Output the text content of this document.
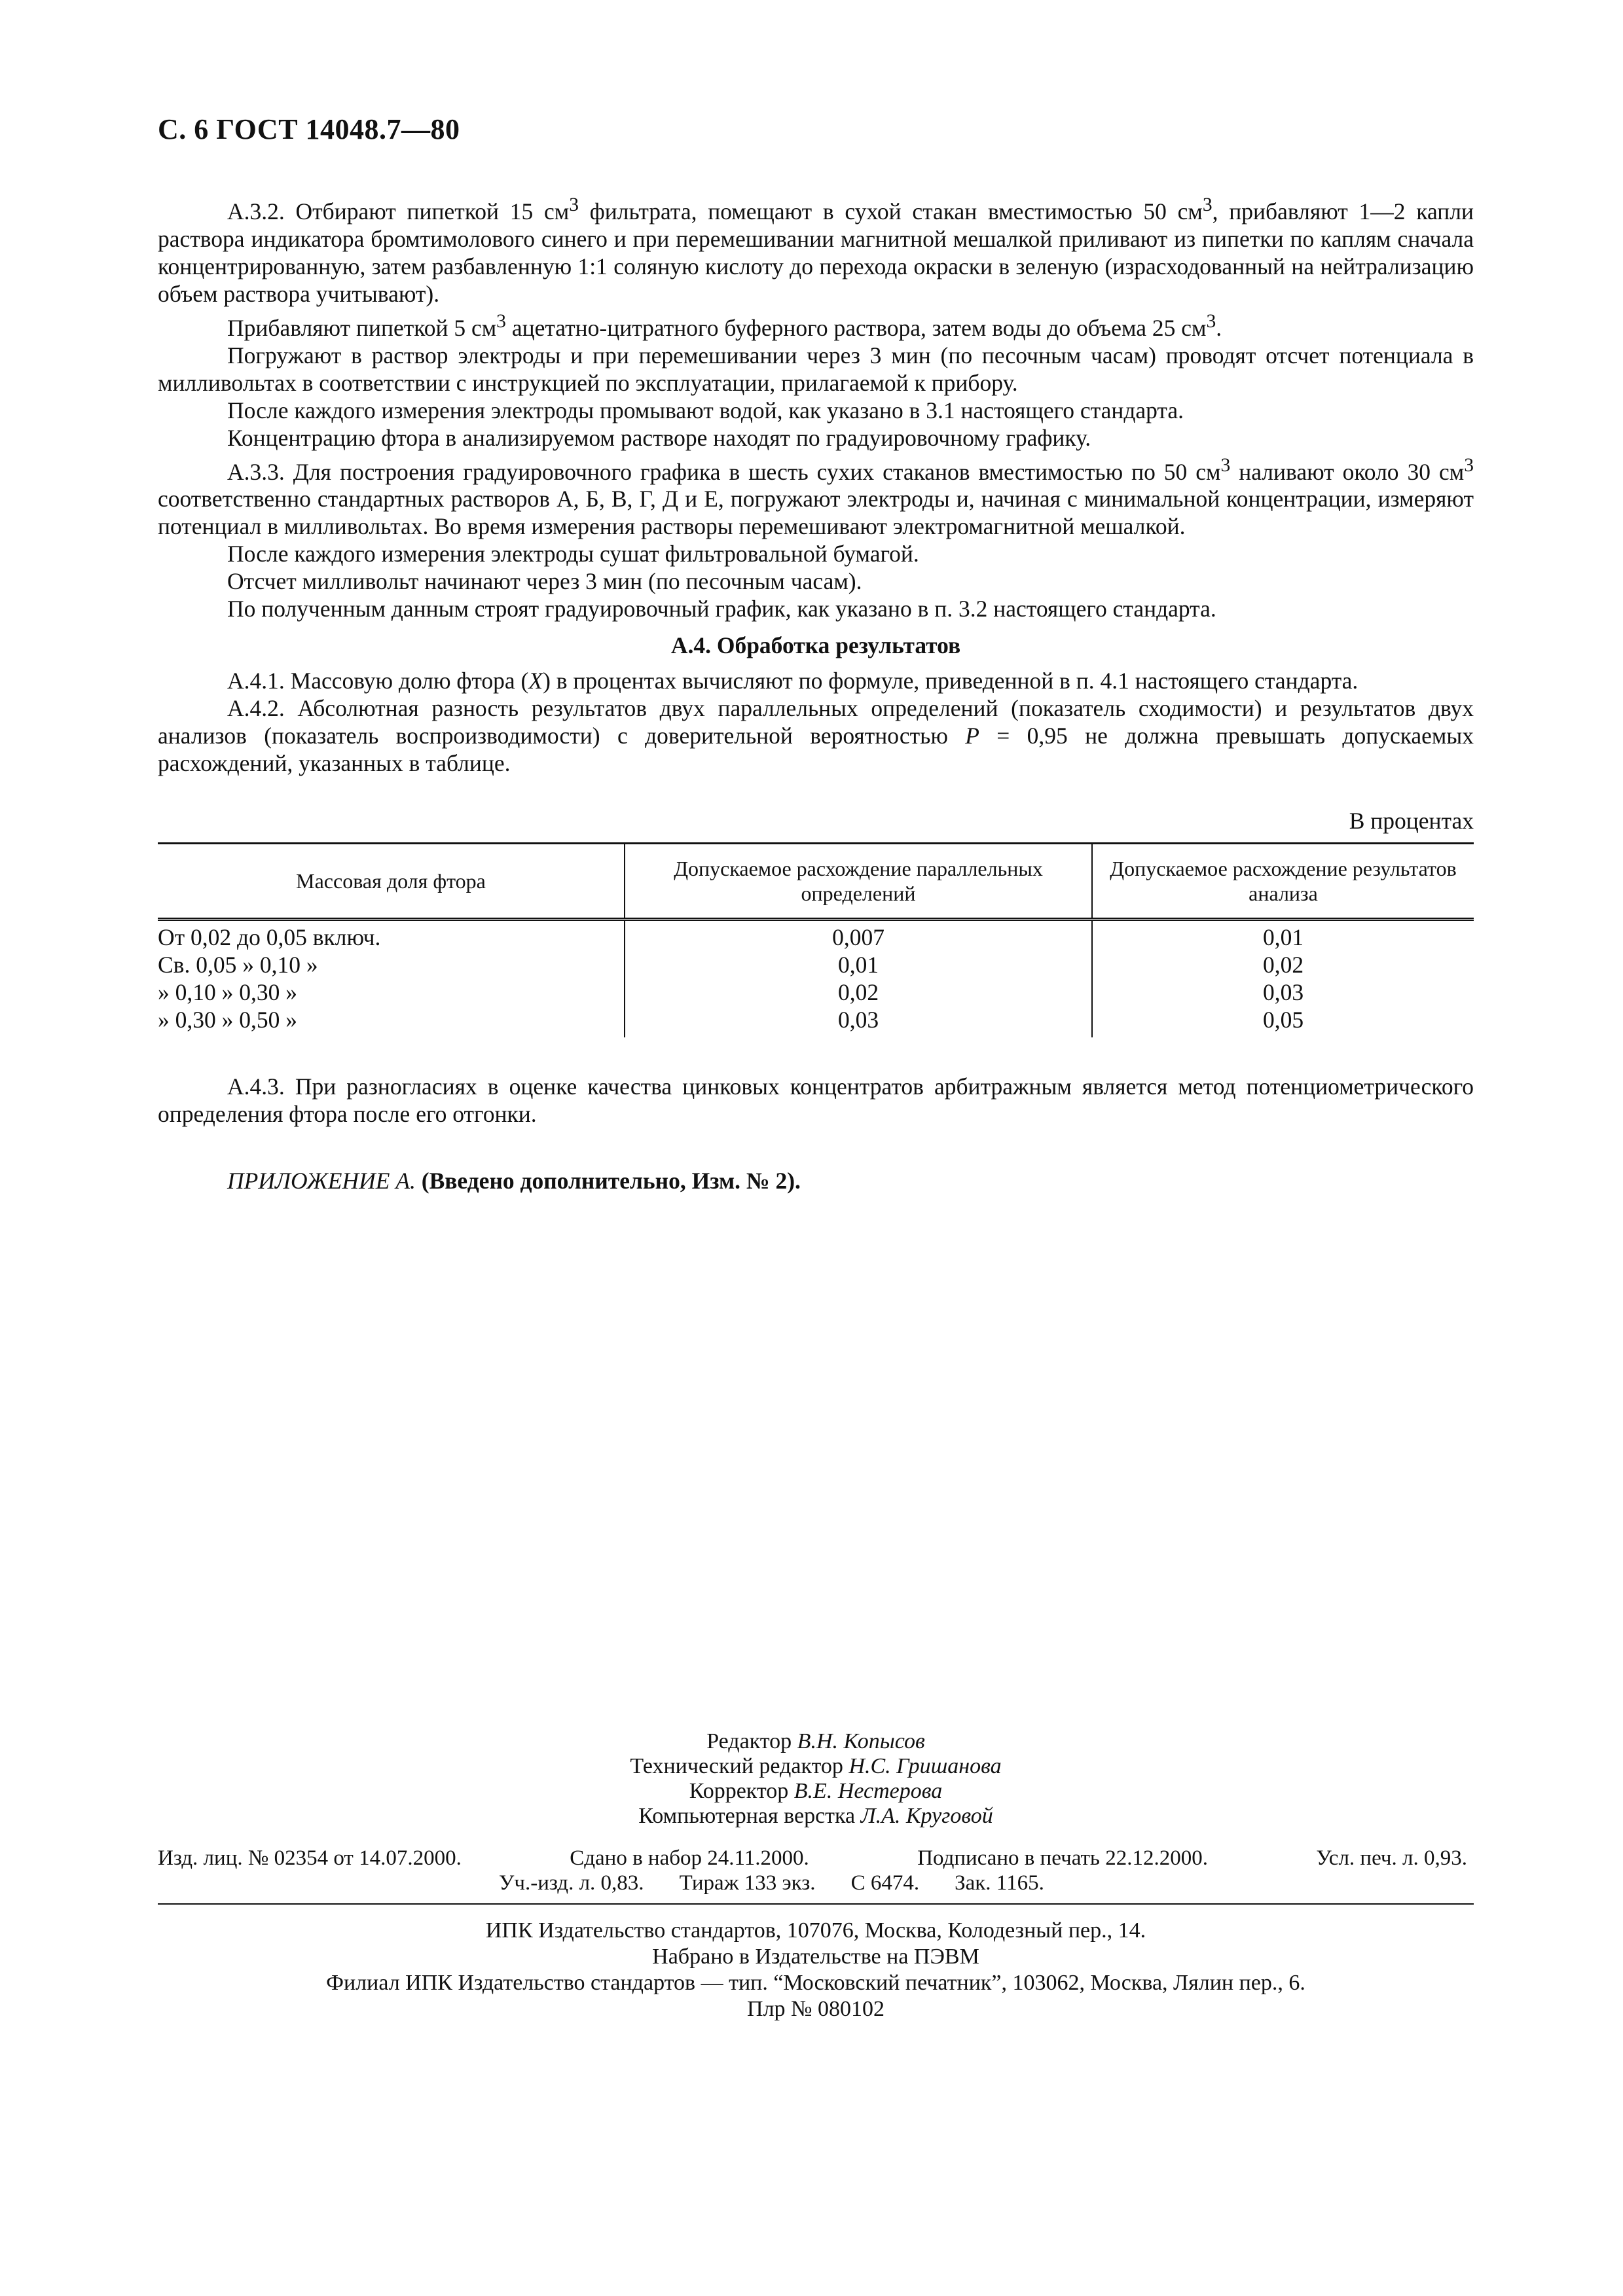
С. 6 ГОСТ 14048.7—80

А.3.2. Отбирают пипеткой 15 $см^3$ фильтрата, помещают в сухой стакан вместимостью 50 $см^3$, прибавляют 1—2 капли раствора индикатора бромтимолового синего и при перемешивании магнитной мешалкой приливают из пипетки по каплям сначала концентрированную, затем разбавленную 1:1 соляную кислоту до перехода окраски в зеленую (израсходованный на нейтрализацию объем раствора учитывают).

Прибавляют пипеткой 5 $см^3$ ацетатно-цитратного буферного раствора, затем воды до объема 25 $см^3$.

Погружают в раствор электроды и при перемешивании через 3 мин (по песочным часам) проводят отсчет потенциала в милливольтах в соответствии с инструкцией по эксплуатации, прилагаемой к прибору.

После каждого измерения электроды промывают водой, как указано в 3.1 настоящего стандарта.

Концентрацию фтора в анализируемом растворе находят по градуировочному графику.

А.3.3. Для построения градуировочного графика в шесть сухих стаканов вместимостью по 50 $см^3$ наливают около 30 $см^3$ соответственно стандартных растворов А, Б, В, Г, Д и Е, погружают электроды и, начиная с минимальной концентрации, измеряют потенциал в милливольтах. Во время измерения растворы перемешивают электромагнитной мешалкой.

После каждого измерения электроды сушат фильтровальной бумагой.

Отсчет милливольт начинают через 3 мин (по песочным часам).

По полученным данным строят градуировочный график, как указано в п. 3.2 настоящего стандарта.

А.4. Обработка результатов

А.4.1. Массовую долю фтора (X) в процентах вычисляют по формуле, приведенной в п. 4.1 настоящего стандарта.

А.4.2. Абсолютная разность результатов двух параллельных определений (показатель сходимости) и результатов двух анализов (показатель воспроизводимости) с доверительной вероятностью P = 0,95 не должна превышать допускаемых расхождений, указанных в таблице.

В процентах
Массовая доля фтора	Допускаемое расхождение параллельных определений	Допускаемое расхождение результатов анализа
От 0,02 до 0,05 включ.	0,007	0,01
Св. 0,05 » 0,10 »	0,01	0,02
» 0,10 » 0,30 »	0,02	0,03
» 0,30 » 0,50 »	0,03	0,05

А.4.3. При разногласиях в оценке качества цинковых концентратов арбитражным является метод потенциометрического определения фтора после его отгонки.

ПРИЛОЖЕНИЕ А. (Введено дополнительно, Изм. № 2).

Редактор В.Н. Копысов
Технический редактор Н.С. Гришанова
Корректор В.Е. Нестерова
Компьютерная верстка Л.А. Круговой
Изд. лиц. № 02354 от 14.07.2000.	Сдано в набор 24.11.2000.	Подписано в печать 22.12.2000.	Усл. печ. л. 0,93.
Уч.-изд. л. 0,83. Тираж 133 экз. С 6474. Зак. 1165.
ИПК Издательство стандартов, 107076, Москва, Колодезный пер., 14.
Набрано в Издательстве на ПЭВМ
Филиал ИПК Издательство стандартов — тип. “Московский печатник”, 103062, Москва, Лялин пер., 6.
Плр № 080102
